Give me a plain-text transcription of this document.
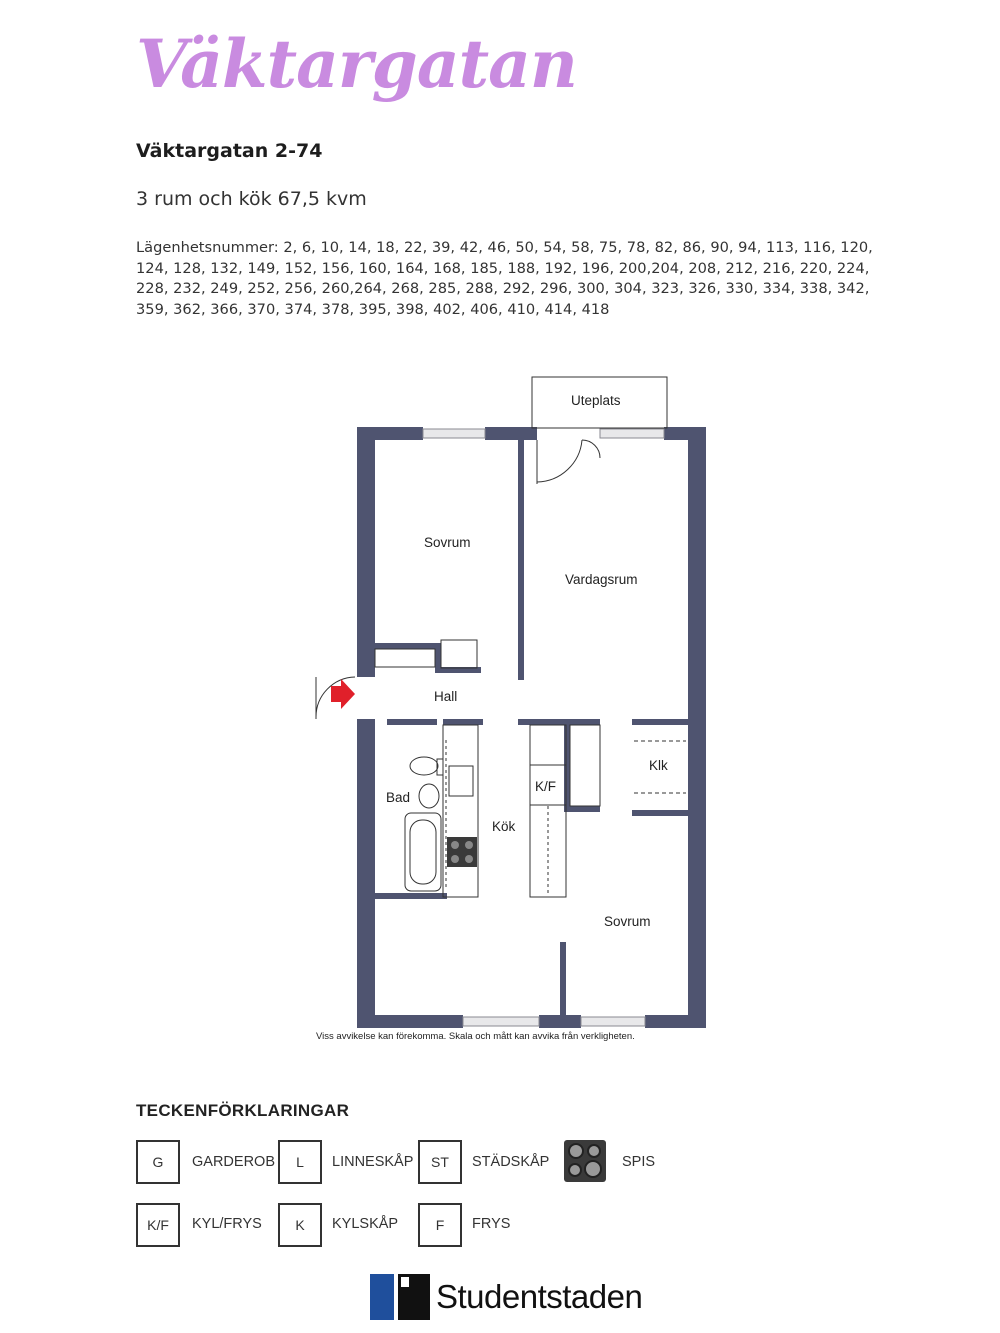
Väktargatan

Väktargatan 2-74

3 rum och kök 67,5 kvm

Lägenhetsnummer: 2, 6, 10, 14, 18, 22, 39, 42, 46, 50, 54, 58, 75, 78, 82, 86, 90, 94, 113, 116, 120, 124, 128, 132, 149, 152, 156, 160, 164, 168, 185, 188, 192, 196, 200,204, 208, 212, 216, 220, 224, 228, 232, 249, 252, 256, 260,264, 268, 285, 288, 292, 296, 300, 304, 323, 326, 330, 334, 338, 342, 359, 362, 366, 370, 374, 378, 395, 398, 402, 406, 410, 414, 418

Uteplats
Sovrum
Vardagsrum
Hall
Bad
Kök
K/F
Klk
Sovrum
Viss avvikelse kan förekomma. Skala och mått kan avvika från verkligheten.

TECKENFÖRKLARINGAR

G	GARDEROB	L	LINNESKÅP	ST	STÄDSKÅP	SPIS
K/F	KYL/FRYS	K	KYLSKÅP	F	FRYS
Studentstaden
